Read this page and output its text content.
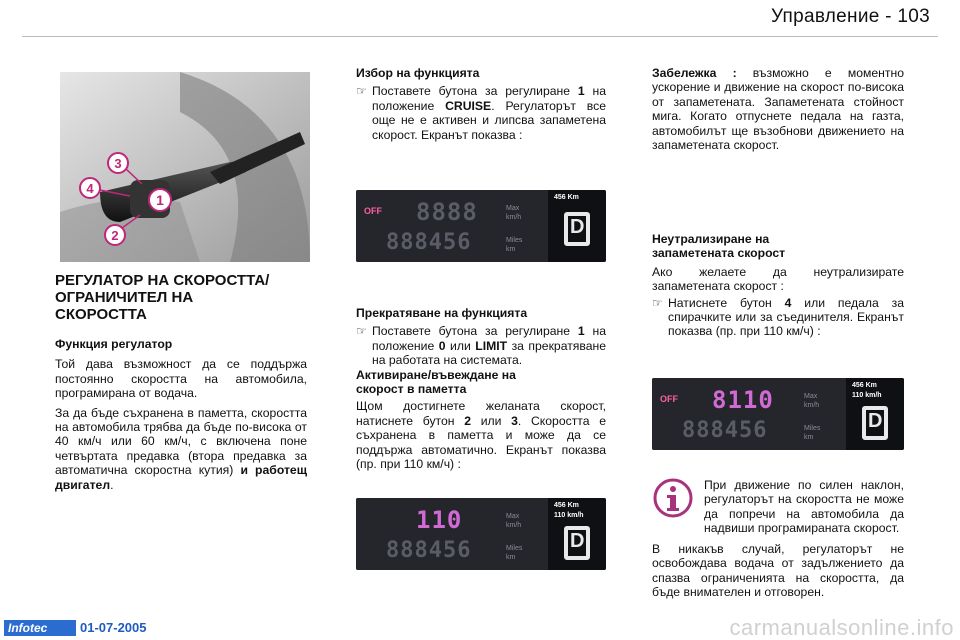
Управление - 103
1
2
3
4
РЕГУЛАТОР НА СКОРОСТТА/
ОГРАНИЧИТЕЛ НА
СКОРОСТТА
Функция регулатор

Той дава възможност да се поддържа постоянно скоростта на автомобила, програмирана от водача.

За да бъде съхранена в паметта, скоростта на автомобила трябва да бъде по-висока от 40 км/ч или 60 км/ч, с включена поне четвъртата предавка (втора предавка за автоматична скоростна кутия) и работещ двигател.

Избор на функцията
☞ Поставете бутона за регулиране 1 на положение CRUISE. Регулаторът все още не е активен и липсва запаметена скорост. Екранът показва :
Прекратяване на функцията
☞ Поставете бутона за регулиране 1 на положение 0 или LIMIT за прекратяване на работата на системата.
Активиране/въвеждане на
скорост в паметта

Щом достигнете желаната скорост, натиснете бутон 2 или 3. Скоростта е съхранена в паметта и може да се поддържа автоматично. Екранът показва (пр. при 110 км/ч) :

OFF 8888	Max
km/h
888456	Miles
km
456 Km
D
110	Max
km/h
888456	Miles
km
456 Km
110 km/h
D

Забележка : възможно е моментно ускорение и движение на скорост по-висока от запаметената. Запаметената стойност мига. Когато отпуснете педала на газта, автомобилът ще възобнови движението на запаметената скорост.

Неутрализиране на
запаметената скорост

Ако желаете да неутрализирате запаметената скорост :

☞ Натиснете бутон 4 или педала за спирачките или за съединителя. Екранът показва (пр. при 110 км/ч) :
OFF 8110	Max
km/h
888456	Miles
km
456 Km
110 km/h
D

При движение по силен наклон, регулаторът на скоростта не може да попречи на автомобила да надвиши програмираната скорост.

В никакъв случай, регулаторът не освобождава водача от задължението да спазва ограниченията на скоростта, да бъде внимателен и отговорен.

Infotec	01-07-2005	carmanualsonline.info
